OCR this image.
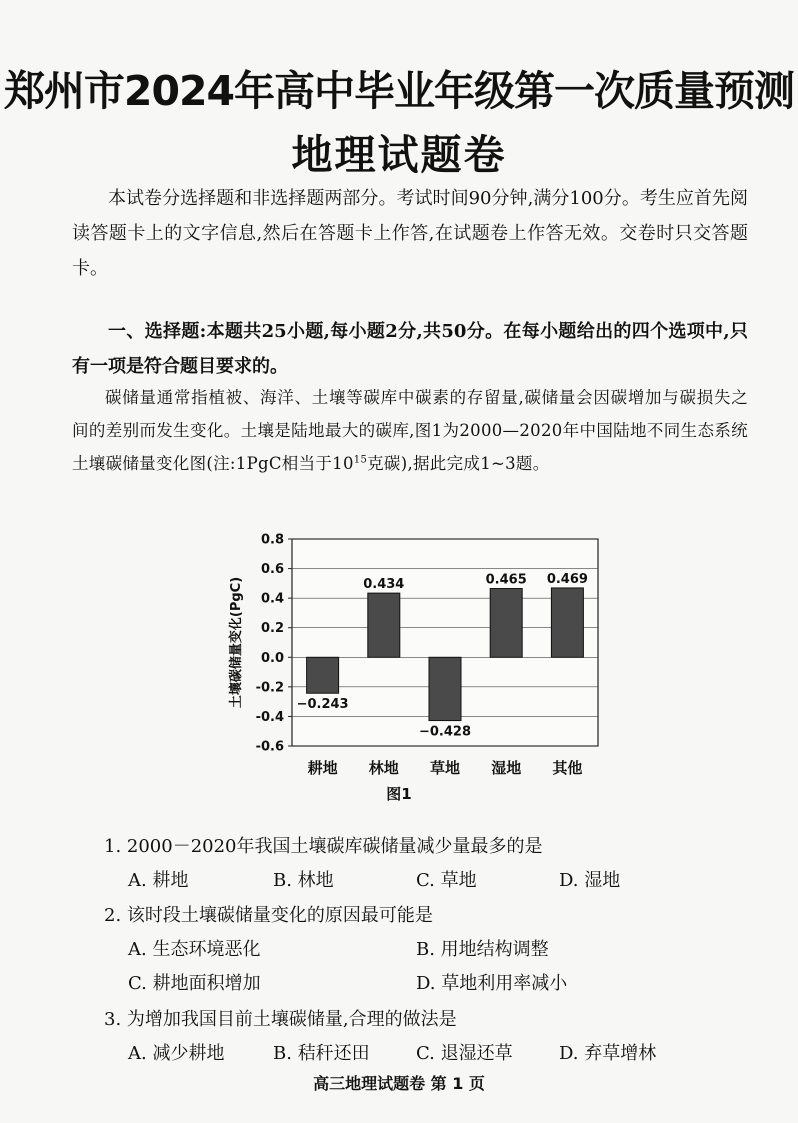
郑州市2024年高中毕业年级第一次质量预测
地理试题卷
本试卷分选择题和非选择题两部分。考试时间90分钟,满分100分。考生应首先阅读答题卡上的文字信息,然后在答题卡上作答,在试题卷上作答无效。交卷时只交答题卡。
一、选择题:本题共25小题,每小题2分,共50分。在每小题给出的四个选项中,只有一项是符合题目要求的。
碳储量通常指植被、海洋、土壤等碳库中碳素的存留量,碳储量会因碳增加与碳损失之间的差别而发生变化。土壤是陆地最大的碳库,图1为2000—2020年中国陆地不同生态系统土壤碳储量变化图(注:1PgC相当于$10^{15}$克碳),据此完成1~3题。
0.8
0.6
0.4
0.2
0.0
-0.2
-0.4
-0.6
土壤碳储量变化(PgC)	−0.243
耕地
0.434
林地
−0.428
草地
0.465
湿地
0.469
其他
图1
1. 2000－2020年我国土壤碳库碳储量减少量最多的是
A. 耕地	B. 林地	C. 草地	D. 湿地
2. 该时段土壤碳储量变化的原因最可能是
A. 生态环境恶化	B. 用地结构调整
C. 耕地面积增加	D. 草地利用率减小
3. 为增加我国目前土壤碳储量,合理的做法是
A. 减少耕地	B. 秸秆还田	C. 退湿还草	D. 弃草增林
高三地理试题卷 第 1 页
